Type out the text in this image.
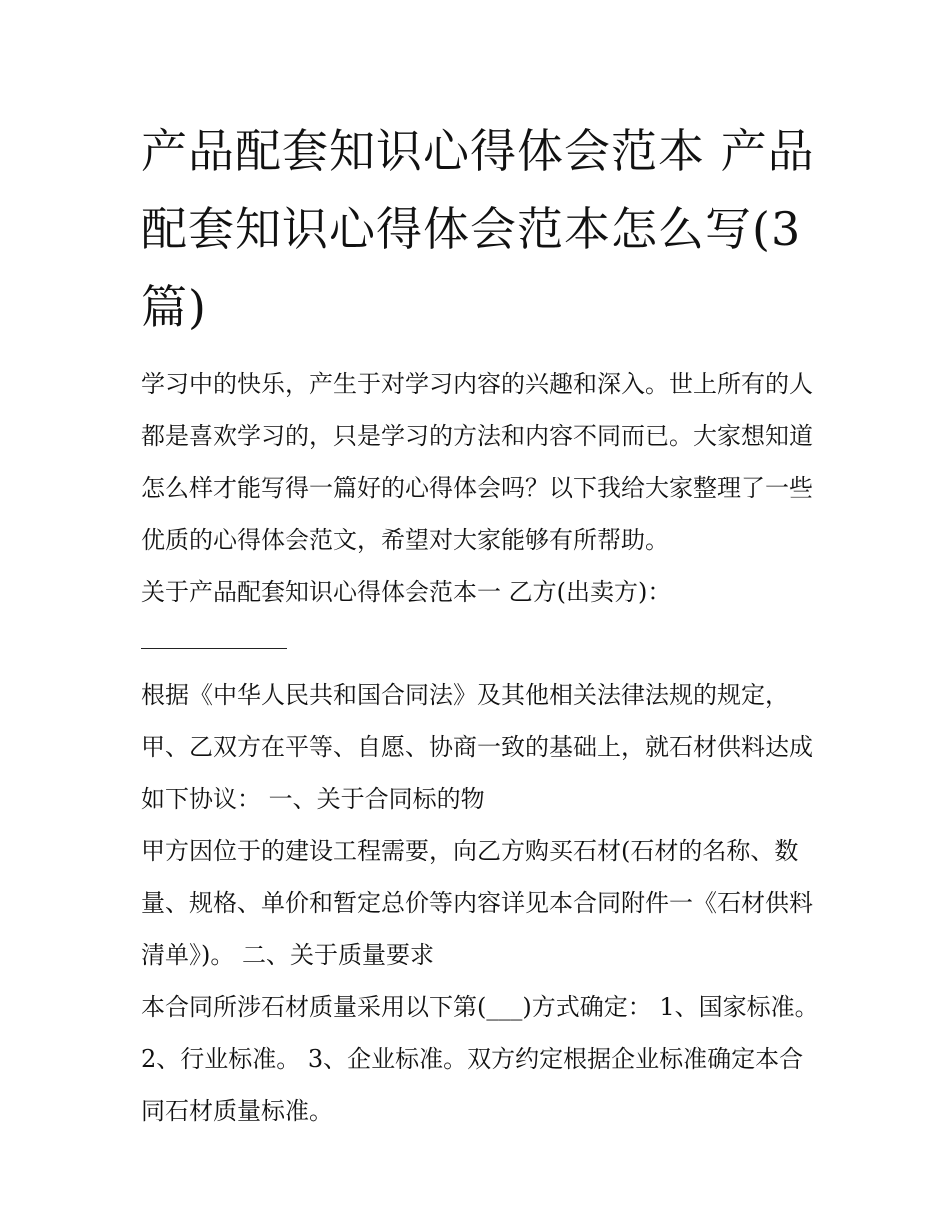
产品配套知识心得体会范本 产品配套知识心得体会范本怎么写(3篇)

学习中的快乐，产生于对学习内容的兴趣和深入。世上所有的人都是喜欢学习的，只是学习的方法和内容不同而已。大家想知道怎么样才能写得一篇好的心得体会吗？以下我给大家整理了一些优质的心得体会范文，希望对大家能够有所帮助。

关于产品配套知识心得体会范本一 乙方(出卖方)：

根据《中华人民共和国合同法》及其他相关法律法规的规定，甲、乙双方在平等、自愿、协商一致的基础上，就石材供料达成如下协议： 一、关于合同标的物

甲方因位于的建设工程需要，向乙方购买石材(石材的名称、数量、规格、单价和暂定总价等内容详见本合同附件一《石材供料清单》)。 二、关于质量要求

本合同所涉石材质量采用以下第(___)方式确定： 1、国家标准。 2、行业标准。 3、企业标准。双方约定根据企业标准确定本合同石材质量标准。
